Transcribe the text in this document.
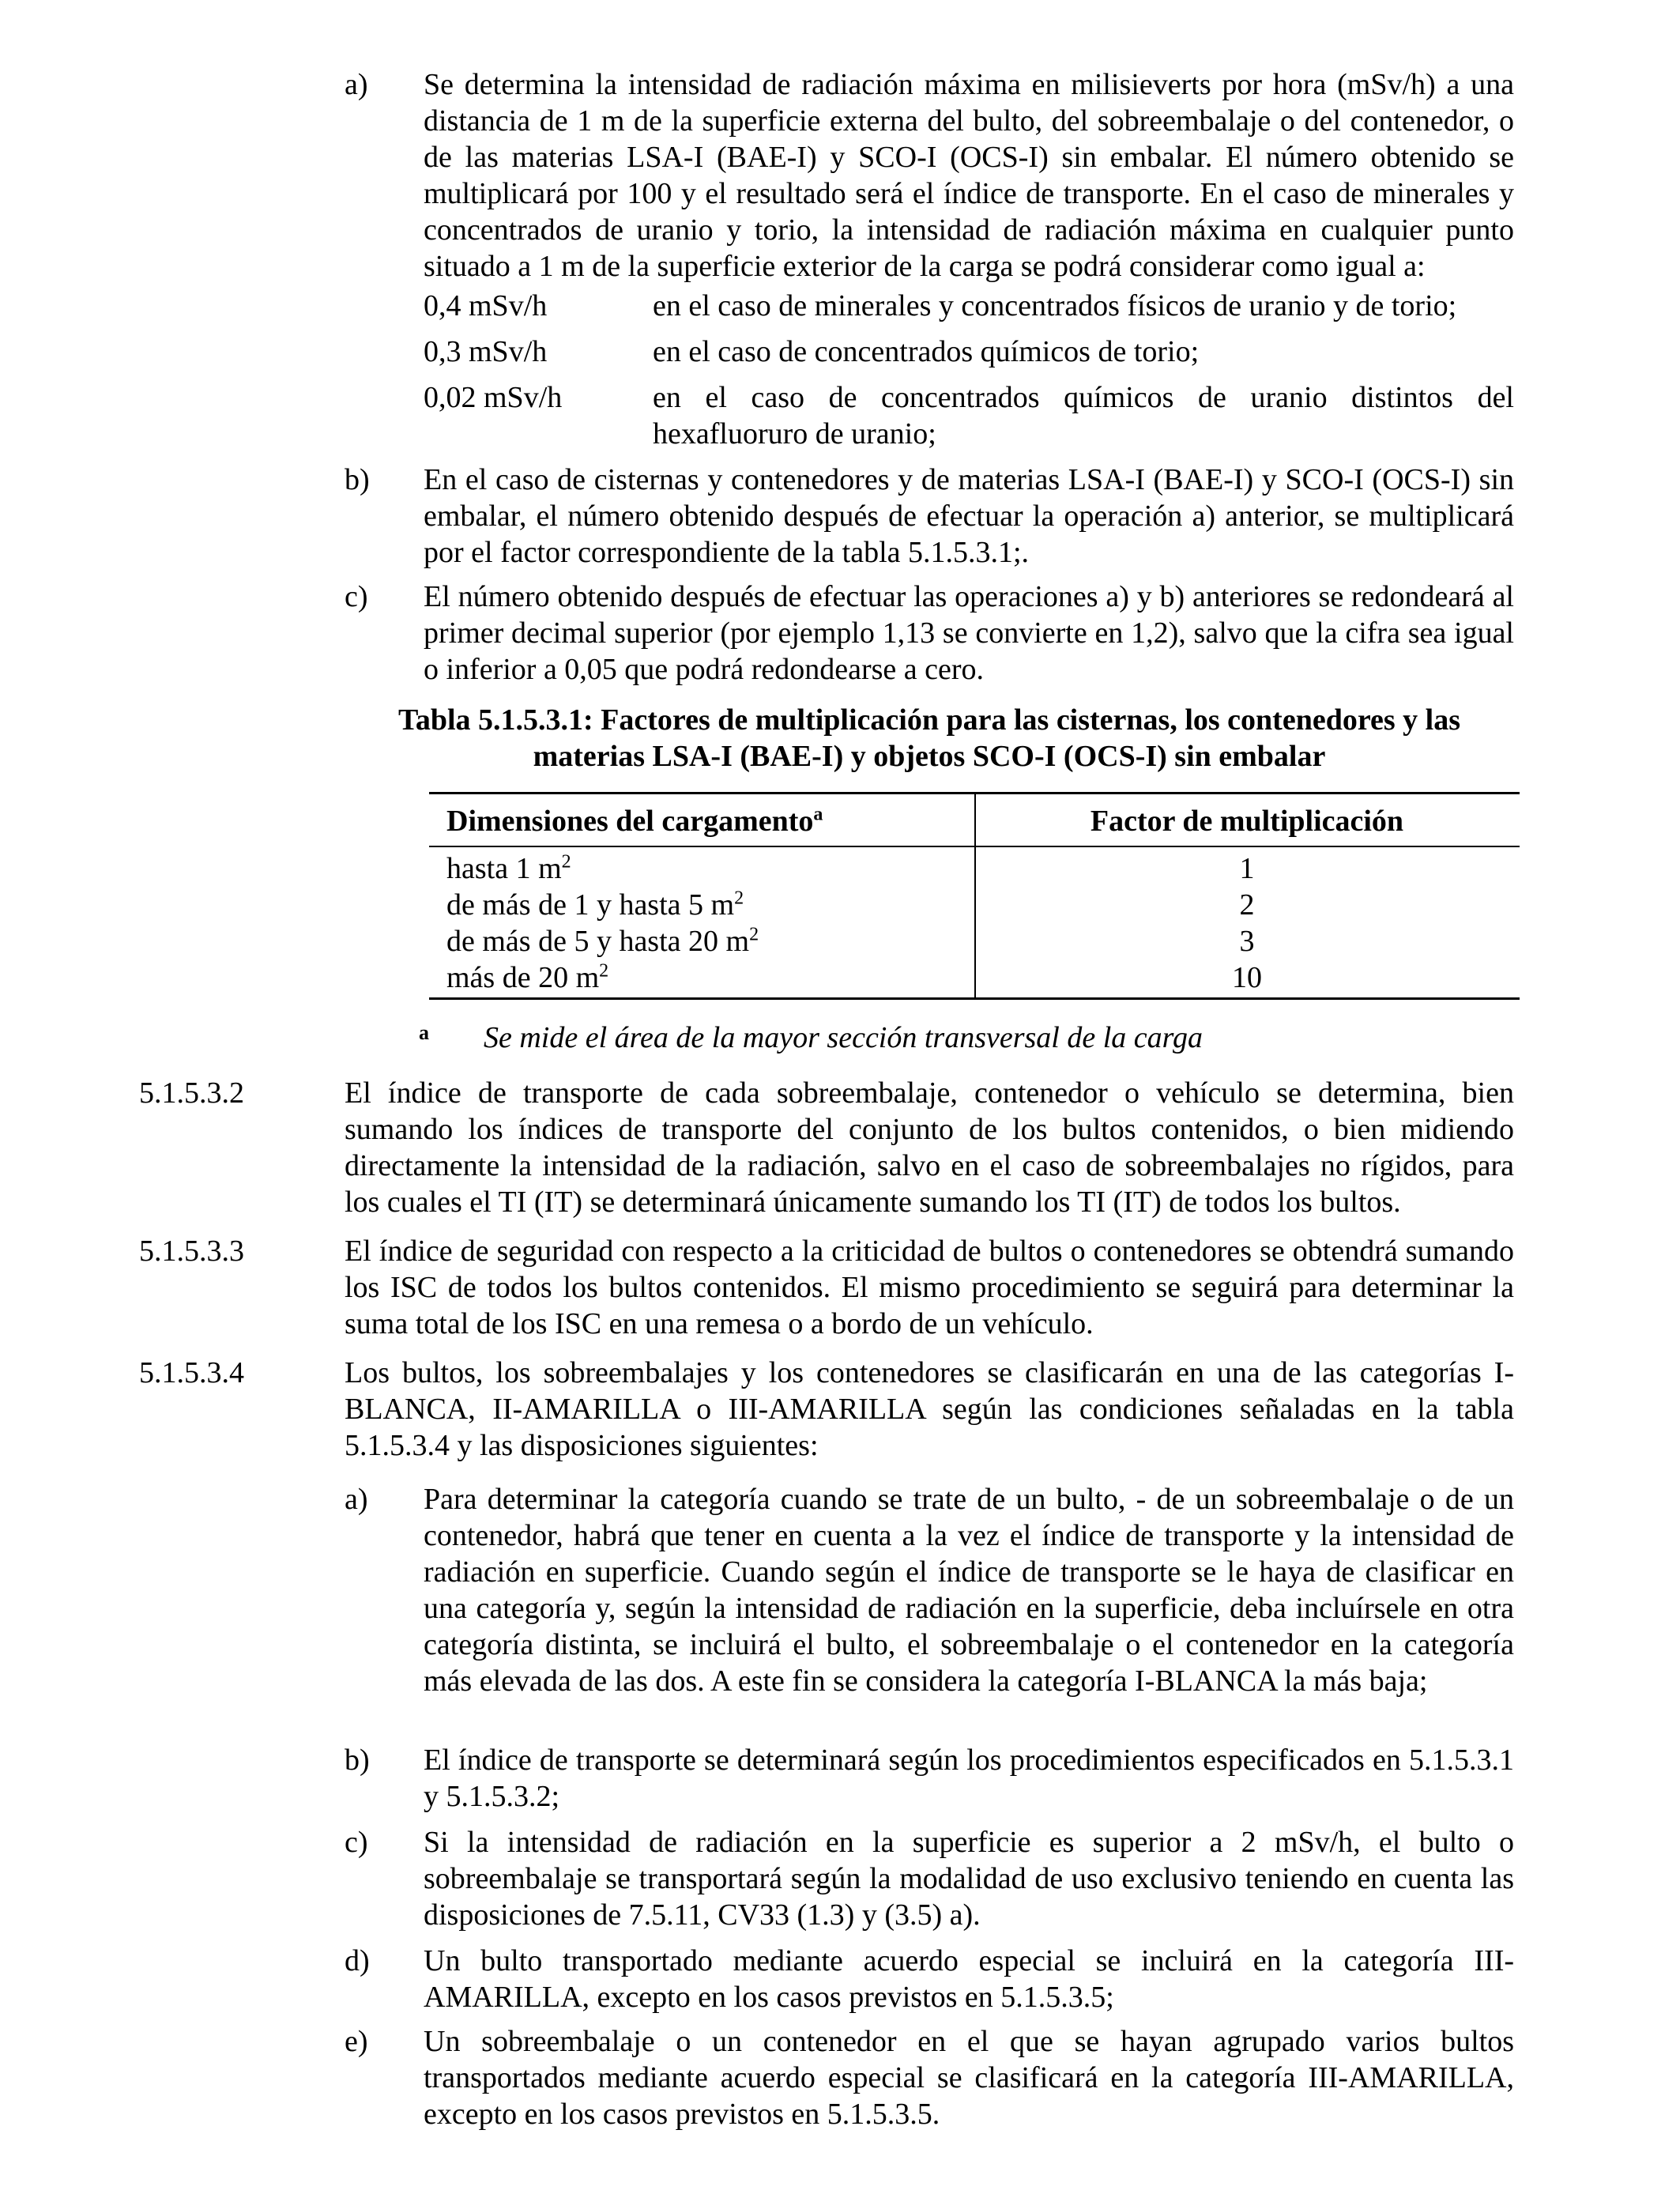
a)	Se determina la intensidad de radiación máxima en milisieverts por hora (mSv/h) a una distancia de 1 m de la superficie externa del bulto, del sobreembalaje o del contenedor, o de las materias LSA-I (BAE-I) y SCO-I (OCS-I) sin embalar. El número obtenido se multiplicará por 100 y el resultado será el índice de transporte. En el caso de minerales y concentrados de uranio y torio, la intensidad de radiación máxima en cualquier punto situado a 1 m de la superficie exterior de la carga se podrá considerar como igual a:
0,4 mSv/h	en el caso de minerales y concentrados físicos de uranio y de torio;
0,3 mSv/h	en el caso de concentrados químicos de torio;
0,02 mSv/h	en el caso de concentrados químicos de uranio distintos del hexafluoruro de uranio;
b)	En el caso de cisternas y contenedores y de materias LSA-I (BAE-I) y SCO-I (OCS-I) sin embalar, el número obtenido después de efectuar la operación a) anterior, se multiplicará por el factor correspondiente de la tabla 5.1.5.3.1;.
c)	El número obtenido después de efectuar las operaciones a) y b) anteriores se redondeará al primer decimal superior (por ejemplo 1,13 se convierte en 1,2), salvo que la cifra sea igual o inferior a 0,05 que podrá redondearse a cero.
Tabla 5.1.5.3.1: Factores de multiplicación para las cisternas, los contenedores y las
materias LSA-I (BAE-I) y objetos SCO-I (OCS-I) sin embalar
Dimensiones del cargamento$^a$	Factor de multiplicación
hasta 1 $m^2$	1
de más de 1 y hasta 5 $m^2$	2
de más de 5 y hasta 20 $m^2$	3
más de 20 $m^2$	10
a Se mide el área de la mayor sección transversal de la carga
5.1.5.3.2	El índice de transporte de cada sobreembalaje, contenedor o vehículo se determina, bien sumando los índices de transporte del conjunto de los bultos contenidos, o bien midiendo directamente la intensidad de la radiación, salvo en el caso de sobreembalajes no rígidos, para los cuales el TI (IT) se determinará únicamente sumando los TI (IT) de todos los bultos.
5.1.5.3.3	El índice de seguridad con respecto a la criticidad de bultos o contenedores se obtendrá sumando los ISC de todos los bultos contenidos. El mismo procedimiento se seguirá para determinar la suma total de los ISC en una remesa o a bordo de un vehículo.
5.1.5.3.4	Los bultos, los sobreembalajes y los contenedores se clasificarán en una de las categorías I-BLANCA, II-AMARILLA o III-AMARILLA según las condiciones señaladas en la tabla 5.1.5.3.4 y las disposiciones siguientes:
a)	Para determinar la categoría cuando se trate de un bulto, - de un sobreembalaje o de un contenedor, habrá que tener en cuenta a la vez el índice de transporte y la intensidad de radiación en superficie. Cuando según el índice de transporte se le haya de clasificar en una categoría y, según la intensidad de radiación en la superficie, deba incluírsele en otra categoría distinta, se incluirá el bulto, el sobreembalaje o el contenedor en la categoría más elevada de las dos. A este fin se considera la categoría I-BLANCA la más baja;
b)	El índice de transporte se determinará según los procedimientos especificados en 5.1.5.3.1 y 5.1.5.3.2;
c)	Si la intensidad de radiación en la superficie es superior a 2 mSv/h, el bulto o sobreembalaje se transportará según la modalidad de uso exclusivo teniendo en cuenta las disposiciones de 7.5.11, CV33 (1.3) y (3.5) a).
d)	Un bulto transportado mediante acuerdo especial se incluirá en la categoría III-AMARILLA, excepto en los casos previstos en 5.1.5.3.5;
e)	Un sobreembalaje o un contenedor en el que se hayan agrupado varios bultos transportados mediante acuerdo especial se clasificará en la categoría III-AMARILLA, excepto en los casos previstos en 5.1.5.3.5.
